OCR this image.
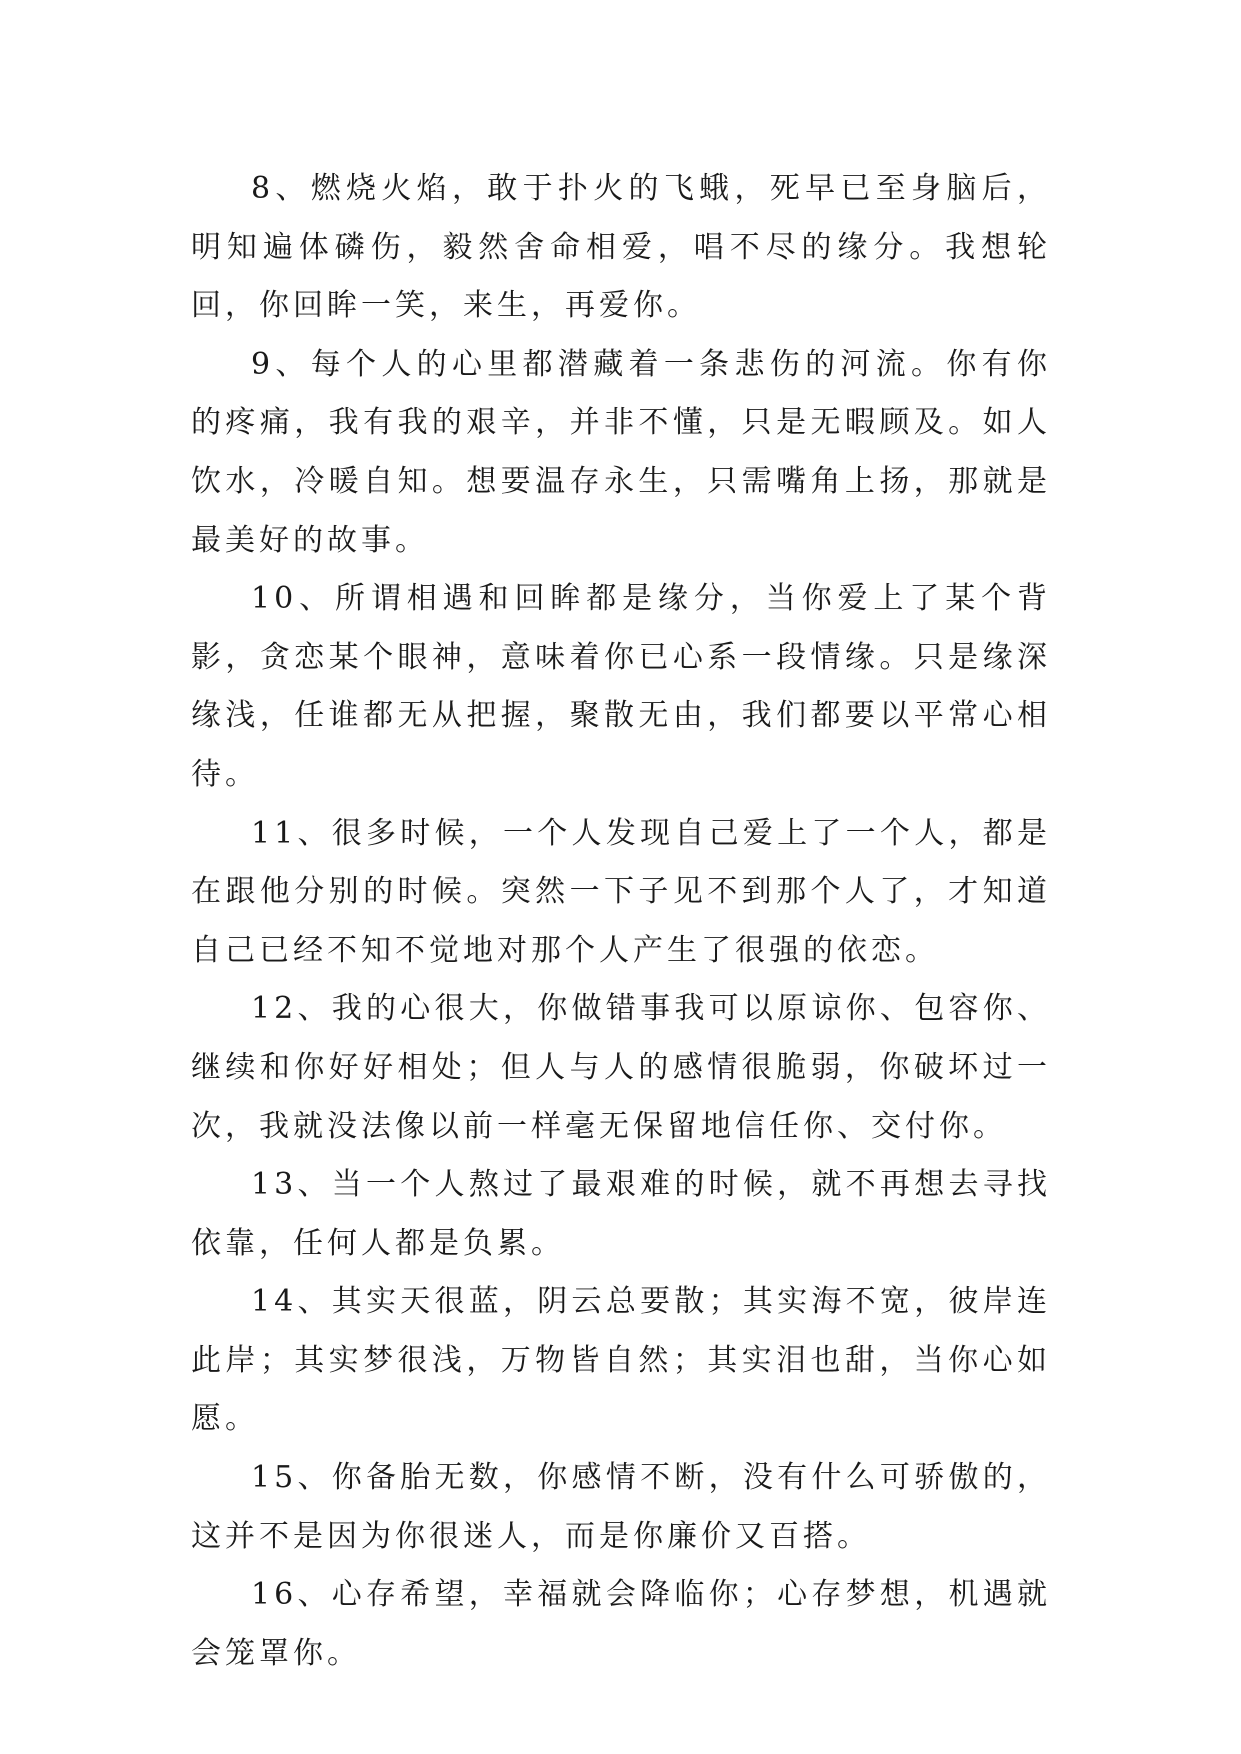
8、燃烧火焰，敢于扑火的飞蛾，死早已至身脑后，明知遍体磷伤，毅然舍命相爱，唱不尽的缘分。我想轮回，你回眸一笑，来生，再爱你。

9、每个人的心里都潜藏着一条悲伤的河流。你有你的疼痛，我有我的艰辛，并非不懂，只是无暇顾及。如人饮水，冷暖自知。想要温存永生，只需嘴角上扬，那就是最美好的故事。

10、所谓相遇和回眸都是缘分，当你爱上了某个背影，贪恋某个眼神，意味着你已心系一段情缘。只是缘深缘浅，任谁都无从把握，聚散无由，我们都要以平常心相待。

11、很多时候，一个人发现自己爱上了一个人，都是在跟他分别的时候。突然一下子见不到那个人了，才知道自己已经不知不觉地对那个人产生了很强的依恋。

12、我的心很大，你做错事我可以原谅你、包容你、继续和你好好相处；但人与人的感情很脆弱，你破坏过一次，我就没法像以前一样毫无保留地信任你、交付你。

13、当一个人熬过了最艰难的时候，就不再想去寻找依靠，任何人都是负累。

14、其实天很蓝，阴云总要散；其实海不宽，彼岸连此岸；其实梦很浅，万物皆自然；其实泪也甜，当你心如愿。

15、你备胎无数，你感情不断，没有什么可骄傲的，这并不是因为你很迷人，而是你廉价又百搭。

16、心存希望，幸福就会降临你；心存梦想，机遇就会笼罩你。
